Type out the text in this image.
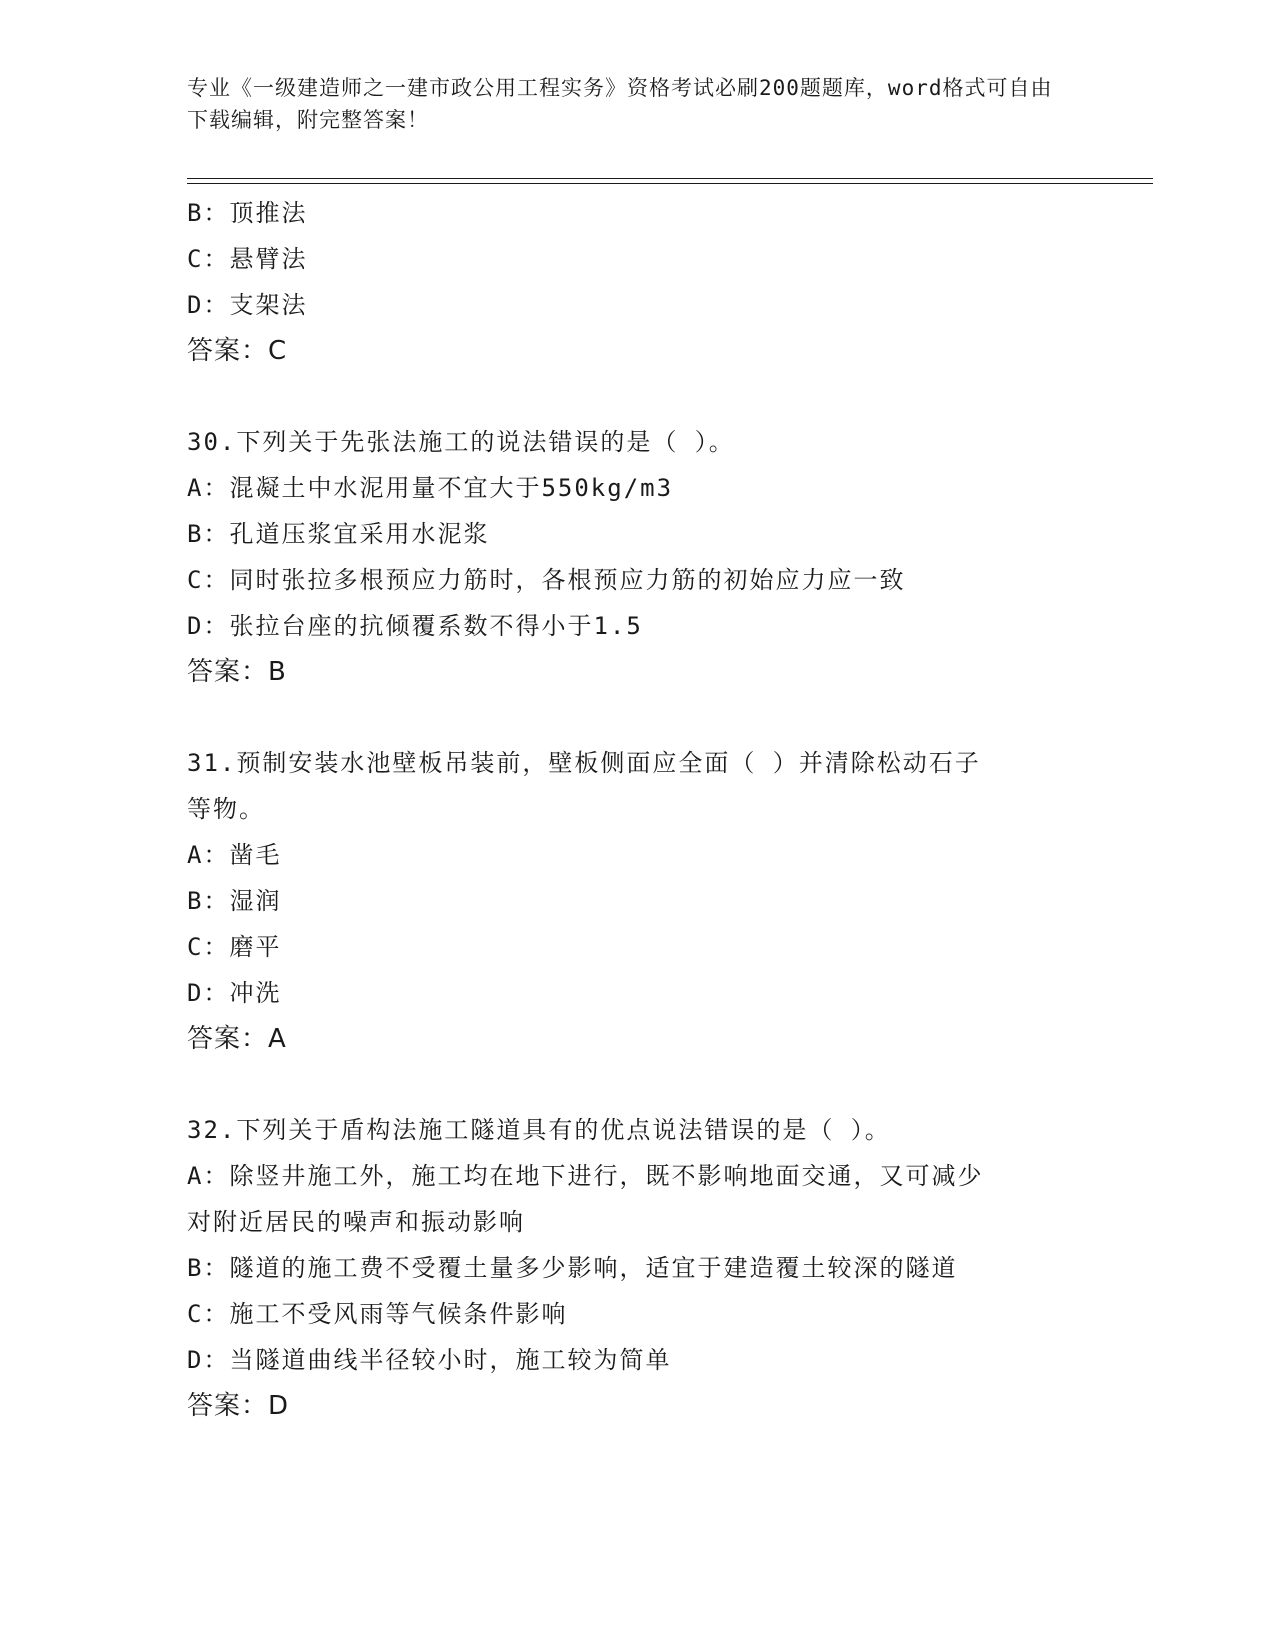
专业《一级建造师之一建市政公用工程实务》资格考试必刷200题题库，word格式可自由下载编辑，附完整答案！
B：顶推法
C：悬臂法
D：支架法
答案：C
30.下列关于先张法施工的说法错误的是（ ）。
A：混凝土中水泥用量不宜大于550kg/m3
B：孔道压浆宜采用水泥浆
C：同时张拉多根预应力筋时，各根预应力筋的初始应力应一致
D：张拉台座的抗倾覆系数不得小于1.5
答案：B
31.预制安装水池壁板吊装前，壁板侧面应全面（ ）并清除松动石子
等物。
A：凿毛
B：湿润
C：磨平
D：冲洗
答案：A
32.下列关于盾构法施工隧道具有的优点说法错误的是（ ）。
A：除竖井施工外，施工均在地下进行，既不影响地面交通，又可减少
对附近居民的噪声和振动影响
B：隧道的施工费不受覆土量多少影响，适宜于建造覆土较深的隧道
C：施工不受风雨等气候条件影响
D：当隧道曲线半径较小时，施工较为简单
答案：D
